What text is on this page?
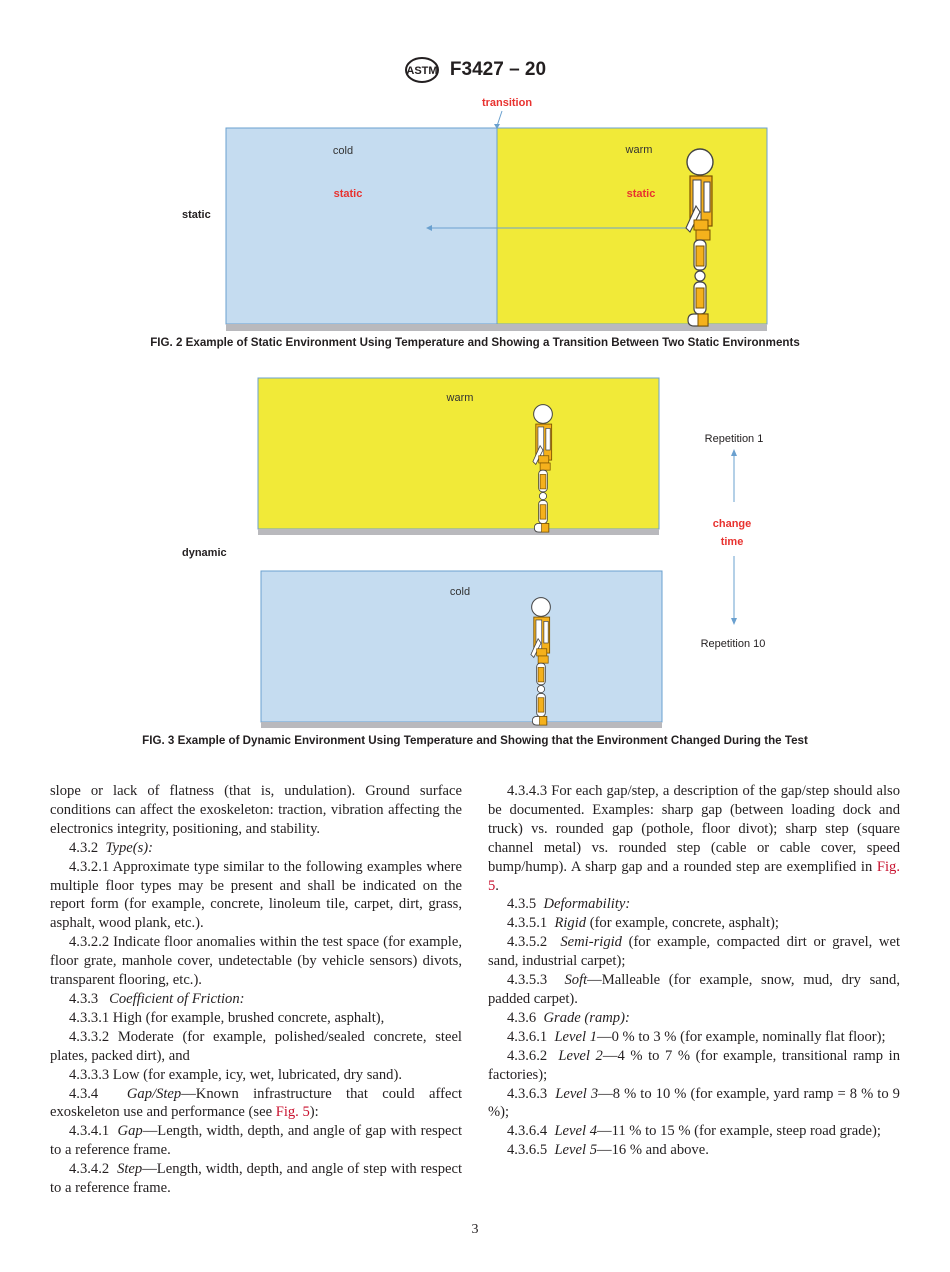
ASTM F3427 – 20
transition
cold
static
warm
static
static
FIG. 2 Example of Static Environment Using Temperature and Showing a Transition Between Two Static Environments
warm
cold
dynamic
Repetition 1
change
time
Repetition 10
FIG. 3 Example of Dynamic Environment Using Temperature and Showing that the Environment Changed During the Test

slope or lack of flatness (that is, undulation). Ground surface conditions can affect the exoskeleton: traction, vibration affecting the electronics integrity, positioning, and stability.

4.3.2 Type(s):

4.3.2.1 Approximate type similar to the following examples where multiple floor types may be present and shall be indicated on the report form (for example, concrete, linoleum tile, carpet, dirt, grass, asphalt, wood plank, etc.).

4.3.2.2 Indicate floor anomalies within the test space (for example, floor grate, manhole cover, undetectable (by vehicle sensors) divots, transparent flooring, etc.).

4.3.3 Coefficient of Friction:

4.3.3.1 High (for example, brushed concrete, asphalt),

4.3.3.2 Moderate (for example, polished/sealed concrete, steel plates, packed dirt), and

4.3.3.3 Low (for example, icy, wet, lubricated, dry sand).

4.3.4 Gap/Step—Known infrastructure that could affect exoskeleton use and performance (see Fig. 5):

4.3.4.1 Gap—Length, width, depth, and angle of gap with respect to a reference frame.

4.3.4.2 Step—Length, width, depth, and angle of step with respect to a reference frame.

4.3.4.3 For each gap/step, a description of the gap/step should also be documented. Examples: sharp gap (between loading dock and truck) vs. rounded gap (pothole, floor divot); sharp step (square channel metal) vs. rounded step (cable or cable cover, speed bump/hump). A sharp gap and a rounded step are exemplified in Fig. 5.

4.3.5 Deformability:

4.3.5.1 Rigid (for example, concrete, asphalt);

4.3.5.2 Semi-rigid (for example, compacted dirt or gravel, wet sand, industrial carpet);

4.3.5.3 Soft—Malleable (for example, snow, mud, dry sand, padded carpet).

4.3.6 Grade (ramp):

4.3.6.1 Level 1—0 % to 3 % (for example, nominally flat floor);

4.3.6.2 Level 2—4 % to 7 % (for example, transitional ramp in factories);

4.3.6.3 Level 3—8 % to 10 % (for example, yard ramp = 8 % to 9 %);

4.3.6.4 Level 4—11 % to 15 % (for example, steep road grade);

4.3.6.5 Level 5—16 % and above.

3
